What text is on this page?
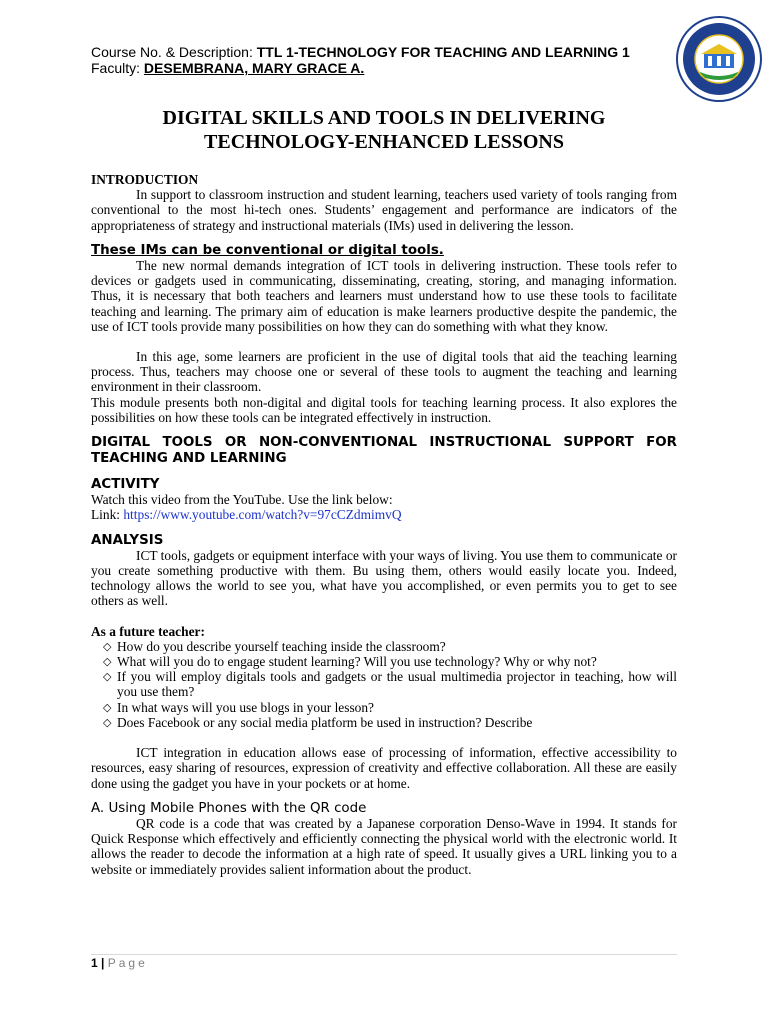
Course No. & Description: TTL 1-TECHNOLOGY FOR TEACHING AND LEARNING 1
Faculty: DESEMBRANA, MARY GRACE A.
DIGITAL SKILLS AND TOOLS IN DELIVERING
TECHNOLOGY-ENHANCED LESSONS
INTRODUCTION

In support to classroom instruction and student learning, teachers used variety of tools ranging from conventional to the most hi-tech ones. Students’ engagement and performance are indicators of the appropriateness of strategy and instructional materials (IMs) used in delivering the lesson.

These IMs can be conventional or digital tools.

The new normal demands integration of ICT tools in delivering instruction. These tools refer to devices or gadgets used in communicating, disseminating, creating, storing, and managing information. Thus, it is necessary that both teachers and learners must understand how to use these tools to facilitate teaching and learning. The primary aim of education is make learners productive despite the pandemic, the use of ICT tools provide many possibilities on how they can do something with what they know.

In this age, some learners are proficient in the use of digital tools that aid the teaching learning process. Thus, teachers may choose one or several of these tools to augment the teaching and learning environment in their classroom.

This module presents both non-digital and digital tools for teaching learning process. It also explores the possibilities on how these tools can be integrated effectively in instruction.

DIGITAL TOOLS OR NON-CONVENTIONAL INSTRUCTIONAL SUPPORT FOR TEACHING AND LEARNING
ACTIVITY

Watch this video from the YouTube. Use the link below:

Link: https://www.youtube.com/watch?v=97cCZdmimvQ

ANALYSIS

ICT tools, gadgets or equipment interface with your ways of living. You use them to communicate or you create something productive with them. Bu using them, others would easily locate you. Indeed, technology allows the world to see you, what have you accomplished, or even permits you to get to see others as well.

As a future teacher:

◇ How do you describe yourself teaching inside the classroom?
◇ What will you do to engage student learning? Will you use technology? Why or why not?
◇ If you will employ digitals tools and gadgets or the usual multimedia projector in teaching, how will you use them?
◇ In what ways will you use blogs in your lesson?
◇ Does Facebook or any social media platform be used in instruction? Describe

ICT integration in education allows ease of processing of information, effective accessibility to resources, easy sharing of resources, expression of creativity and effective collaboration. All these are easily done using the gadget you have in your pockets or at home.

A. Using Mobile Phones with the QR code

QR code is a code that was created by a Japanese corporation Denso-Wave in 1994. It stands for Quick Response which effectively and efficiently connecting the physical world with the electronic world. It allows the reader to decode the information at a high rate of speed. It usually gives a URL linking you to a website or immediately provides salient information about the product.

1 | Page
